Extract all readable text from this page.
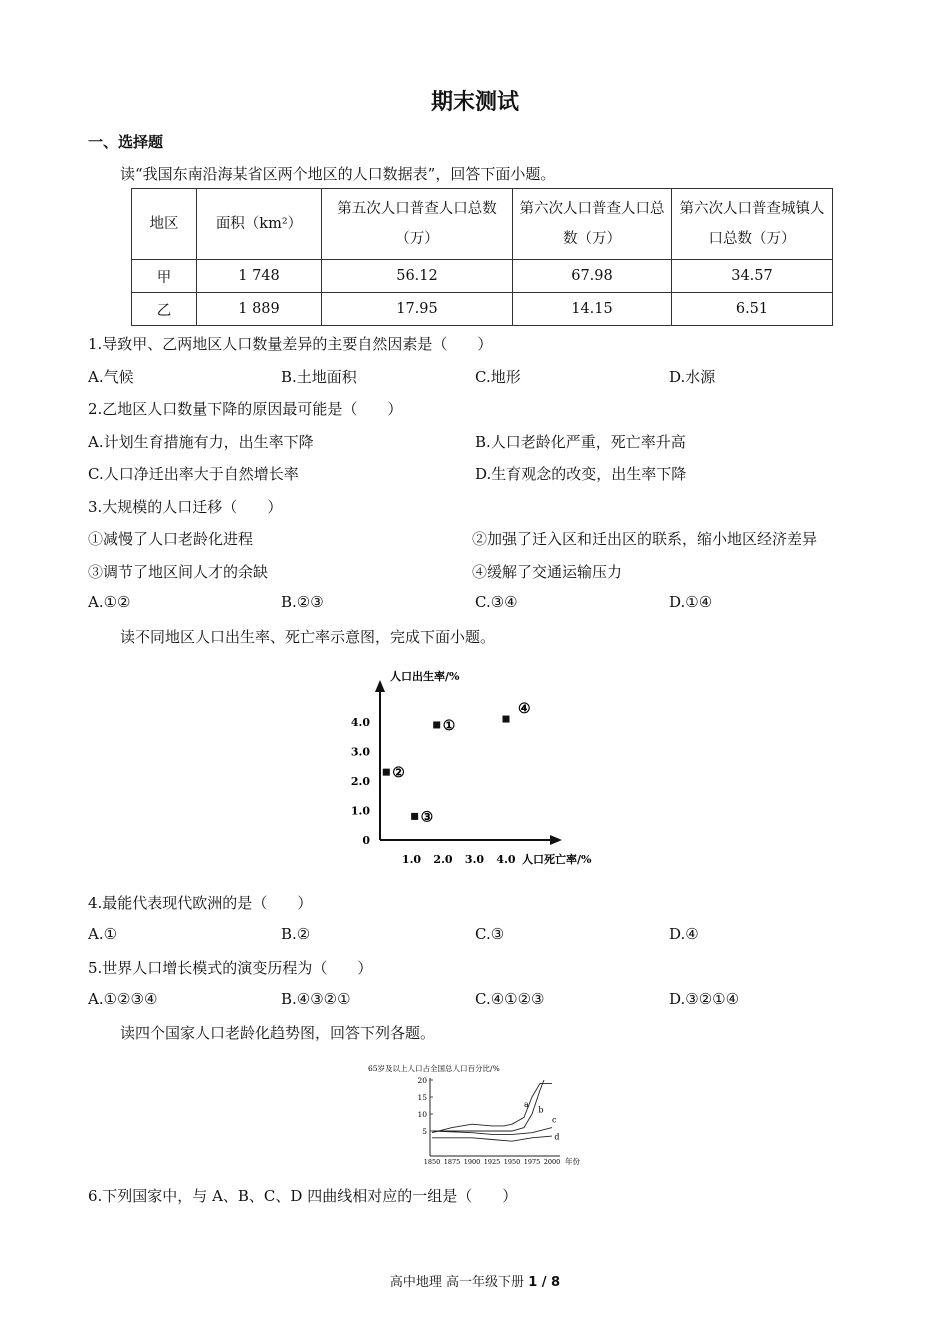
期末测试
一、选择题
读“我国东南沿海某省区两个地区的人口数据表”，回答下面小题。
地区	面积（km²）	第五次人口普查人口总数（万）	第六次人口普查人口总数（万）	第六次人口普查城镇人口总数（万）
甲	1 748	56.12	67.98	34.57
乙	1 889	17.95	14.15	6.51
1.导致甲、乙两地区人口数量差异的主要自然因素是（　　）
A.气候	B.土地面积	C.地形	D.水源
2.乙地区人口数量下降的原因最可能是（　　）
A.计划生育措施有力，出生率下降	B.人口老龄化严重，死亡率升高
C.人口净迁出率大于自然增长率	D.生育观念的改变，出生率下降
3.大规模的人口迁移（　　）
①减慢了人口老龄化进程	②加强了迁入区和迁出区的联系，缩小地区经济差异
③调节了地区间人才的余缺	④缓解了交通运输压力
A.①②	B.②③	C.③④	D.①④
读不同地区人口出生率、死亡率示意图，完成下面小题。
人口出生率/%
人口死亡率/%
4.0
3.0
2.0
1.0
0
1.0 2.0 3.0 4.0
①
②
③
④
4.最能代表现代欧洲的是（　　）
A.①	B.②	C.③	D.④
5.世界人口增长模式的演变历程为（　　）
A.①②③④	B.④③②①	C.④①②③	D.③②①④
读四个国家人口老龄化趋势图，回答下列各题。
65岁及以上人口占全国总人口百分比/%
年份
20
15
10
5
1850 1875 1900 1925 1950 1975 2000
a
b
c
d
6.下列国家中，与 A、B、C、D 四曲线相对应的一组是（　　）
高中地理 高一年级下册 1 / 8
